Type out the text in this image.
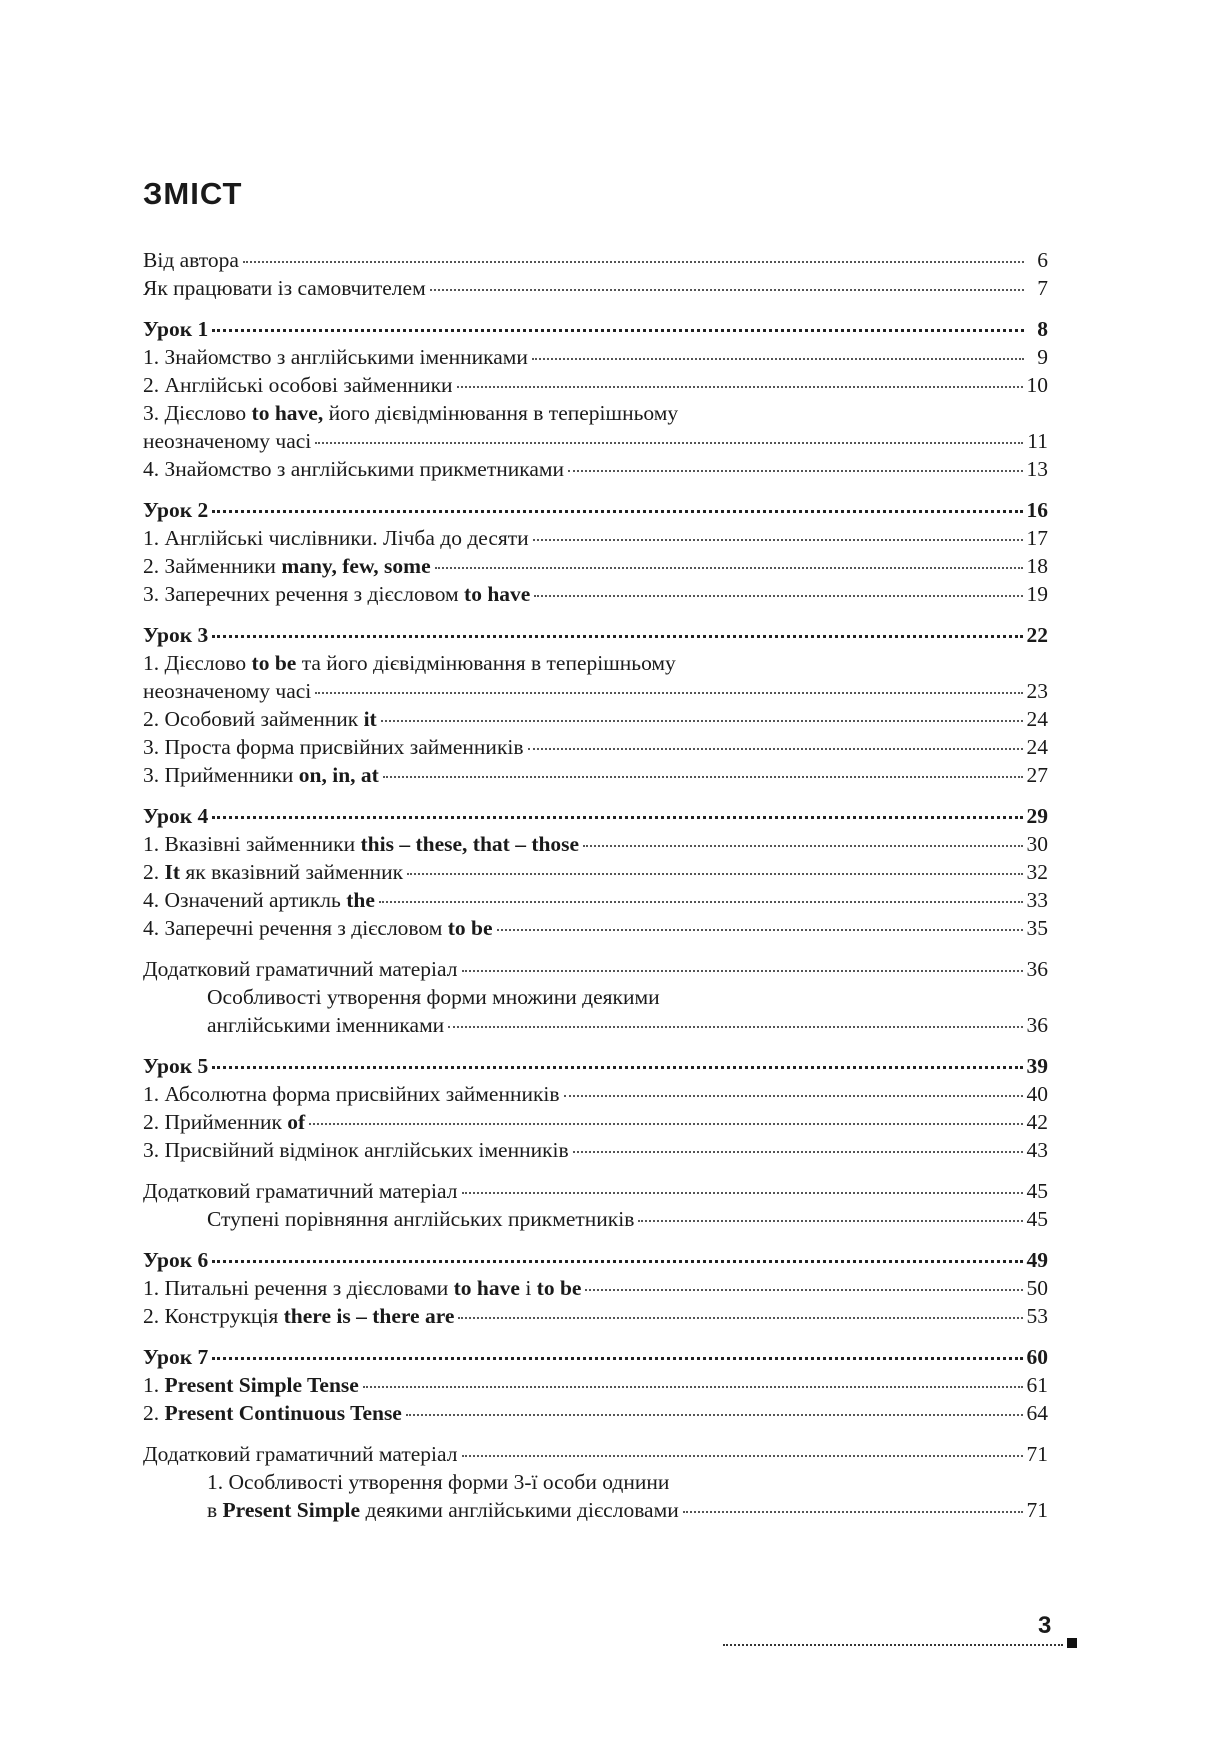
ЗМІСТ
Від автора	6
Як працювати із самовчителем	7
Урок 1	8
1. Знайомство з англійськими іменниками	9
2. Англійські особові займенники	10
3. Дієслово to have, його дієвідмінювання в теперішньому
неозначеному часі	11
4. Знайомство з англійськими прикметниками	13
Урок 2	16
1. Англійські числівники. Лічба до десяти	17
2. Займенники many, few, some	18
3. Заперечних речення з дієсловом to have	19
Урок 3	22
1. Дієслово to be та його дієвідмінювання в теперішньому
неозначеному часі	23
2. Особовий займенник it	24
3. Проста форма присвійних займенників	24
3. Прийменники on, in, at	27
Урок 4	29
1. Вказівні займенники this – these, that – those	30
2. It як вказівний займенник	32
4. Означений артикль the	33
4. Заперечні речення з дієсловом to be	35
Додатковий граматичний матеріал	36
Особливості утворення форми множини деякими
англійськими іменниками	36
Урок 5	39
1. Абсолютна форма присвійних займенників	40
2. Прийменник of	42
3. Присвійний відмінок англійських іменників	43
Додатковий граматичний матеріал	45
Ступені порівняння англійських прикметників	45
Урок 6	49
1. Питальні речення з дієсловами to have і to be	50
2. Конструкція there is – there are	53
Урок 7	60
1. Present Simple Tense	61
2. Present Continuous Tense	64
Додатковий граматичний матеріал	71
1. Особливості утворення форми 3-ї особи однини
в Present Simple деякими англійськими дієсловами	71
3
